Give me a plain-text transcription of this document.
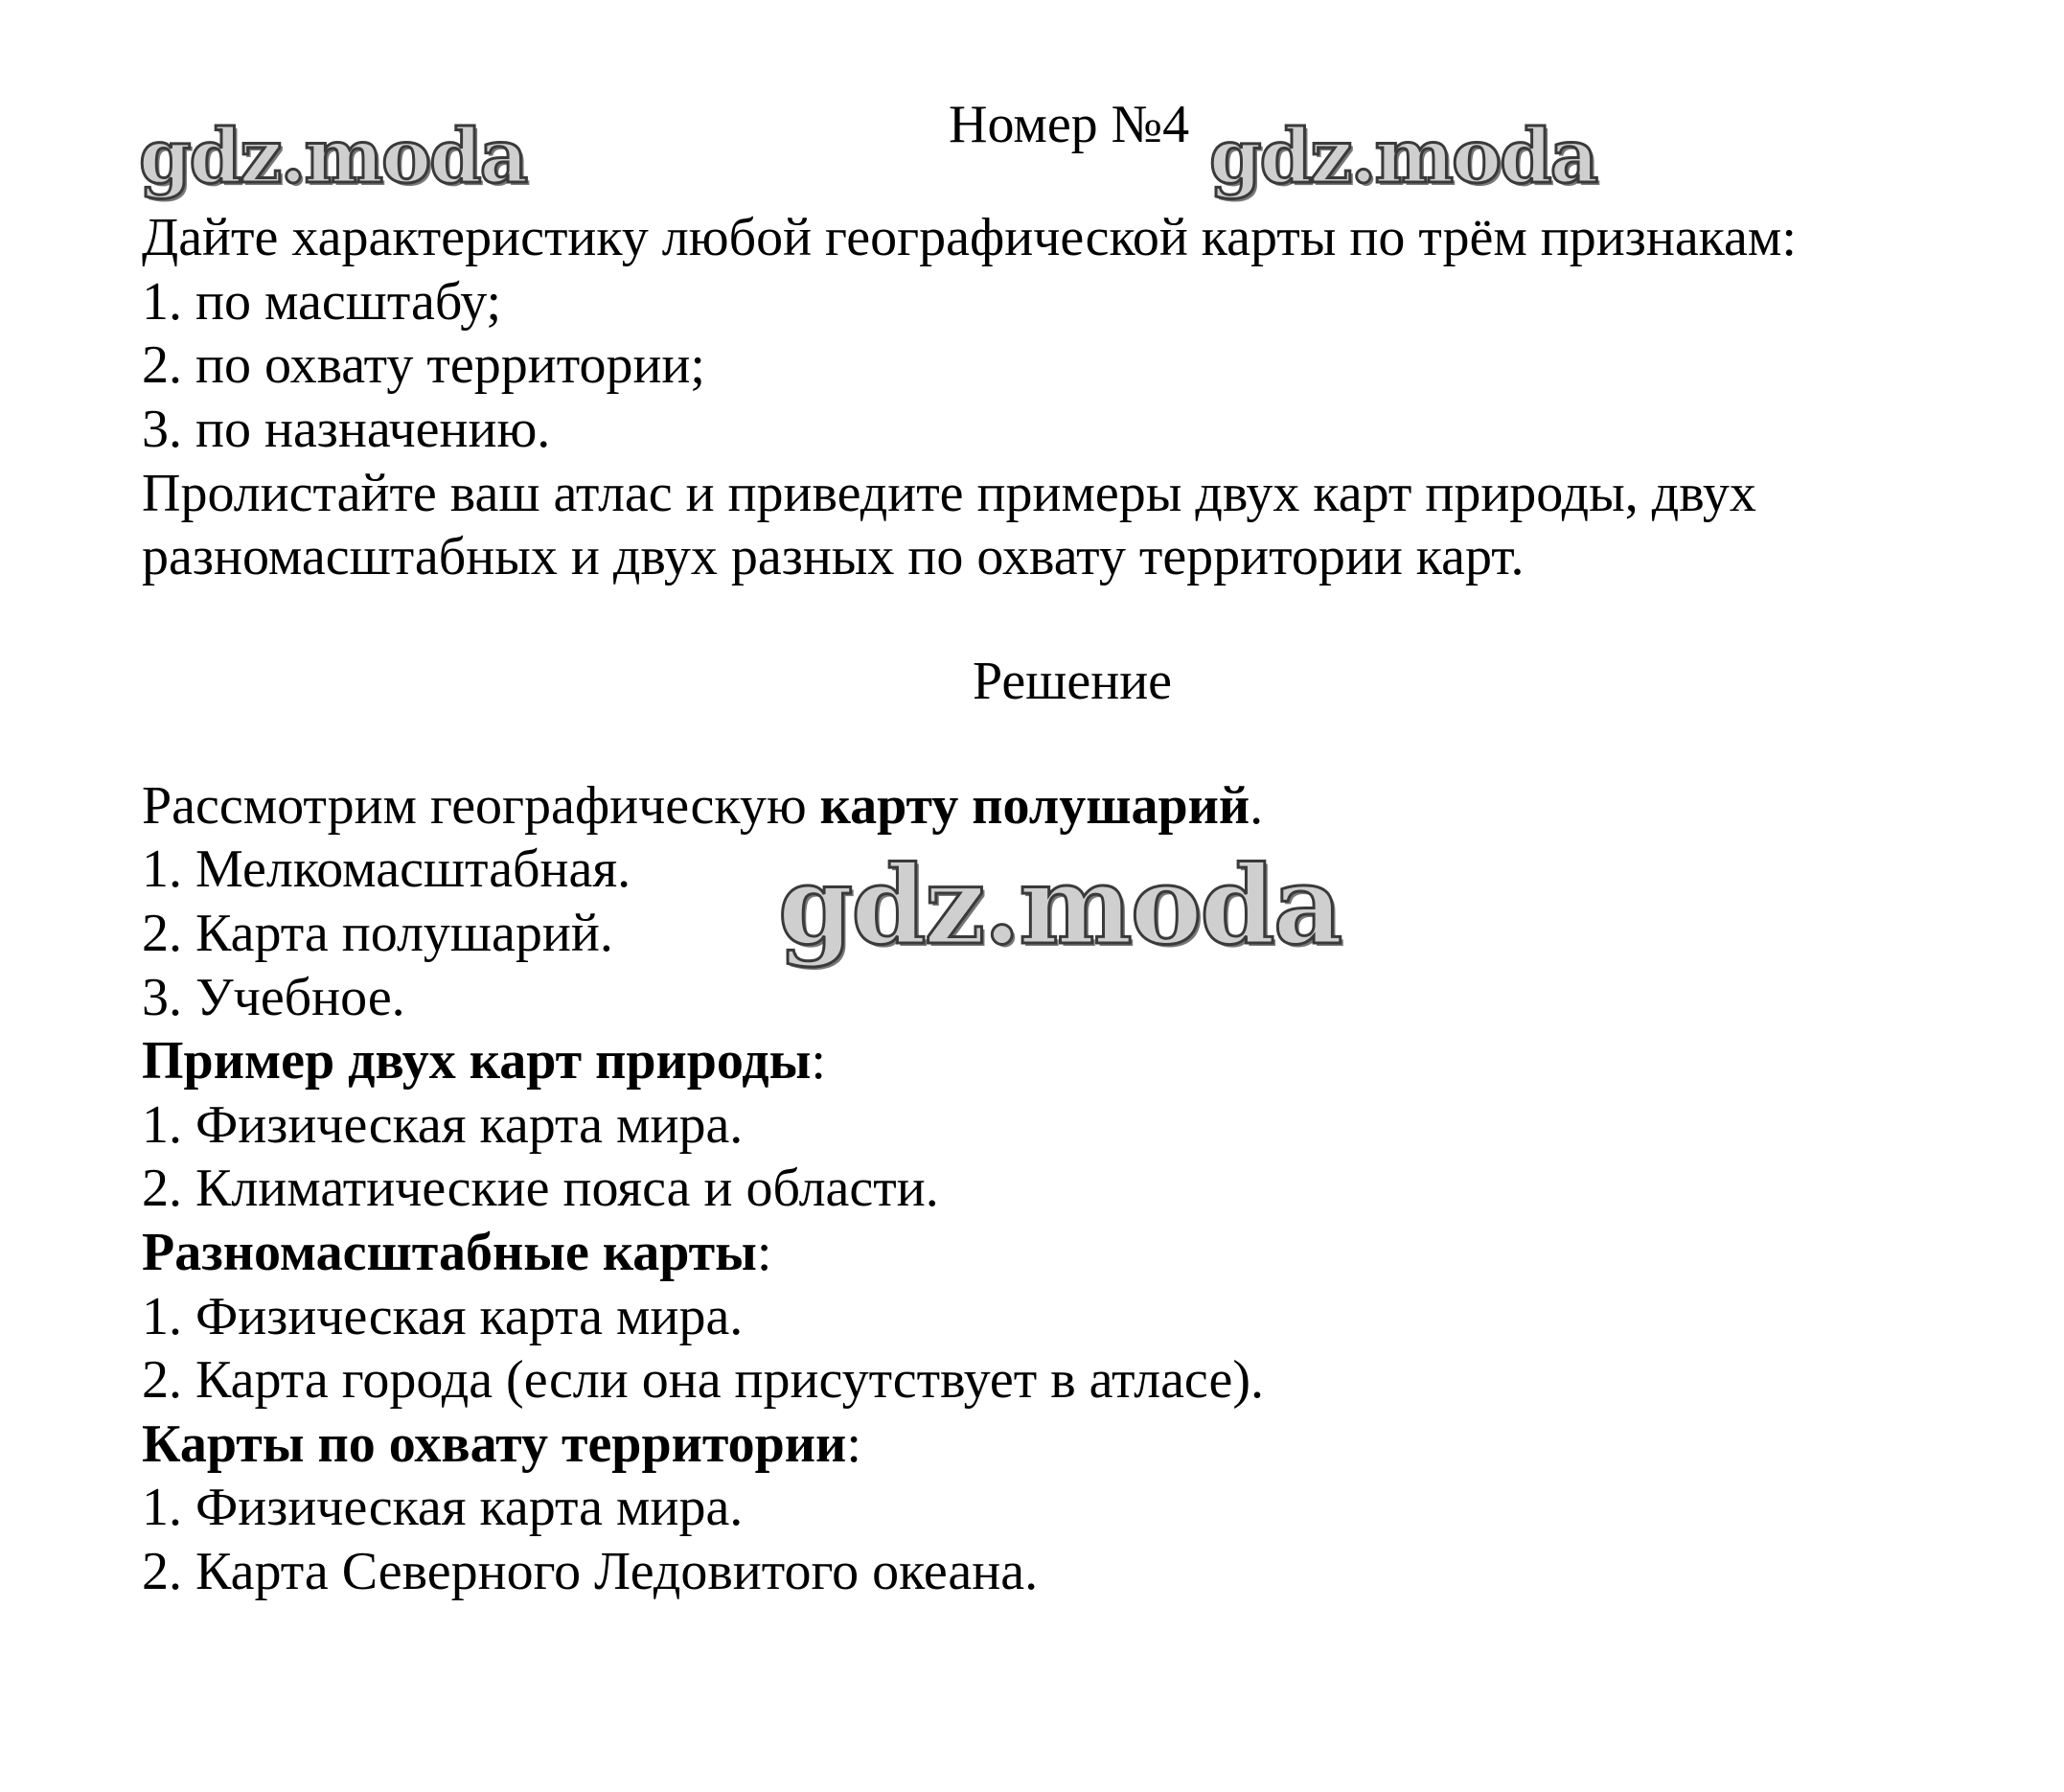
gdz.moda	gdz.moda
gdz.moda
Номер №4
Дайте характеристику любой географической карты по трём признакам:
1. по масштабу;
2. по охвату территории;
3. по назначению.
Пролистайте ваш атлас и приведите примеры двух карт природы, двух
разномасштабных и двух разных по охвату территории карт.
Решение
Рассмотрим географическую карту полушарий.
1. Мелкомасштабная.
2. Карта полушарий.
3. Учебное.
Пример двух карт природы:
1. Физическая карта мира.
2. Климатические пояса и области.
Разномасштабные карты:
1. Физическая карта мира.
2. Карта города (если она присутствует в атласе).
Карты по охвату территории:
1. Физическая карта мира.
2. Карта Северного Ледовитого океана.
